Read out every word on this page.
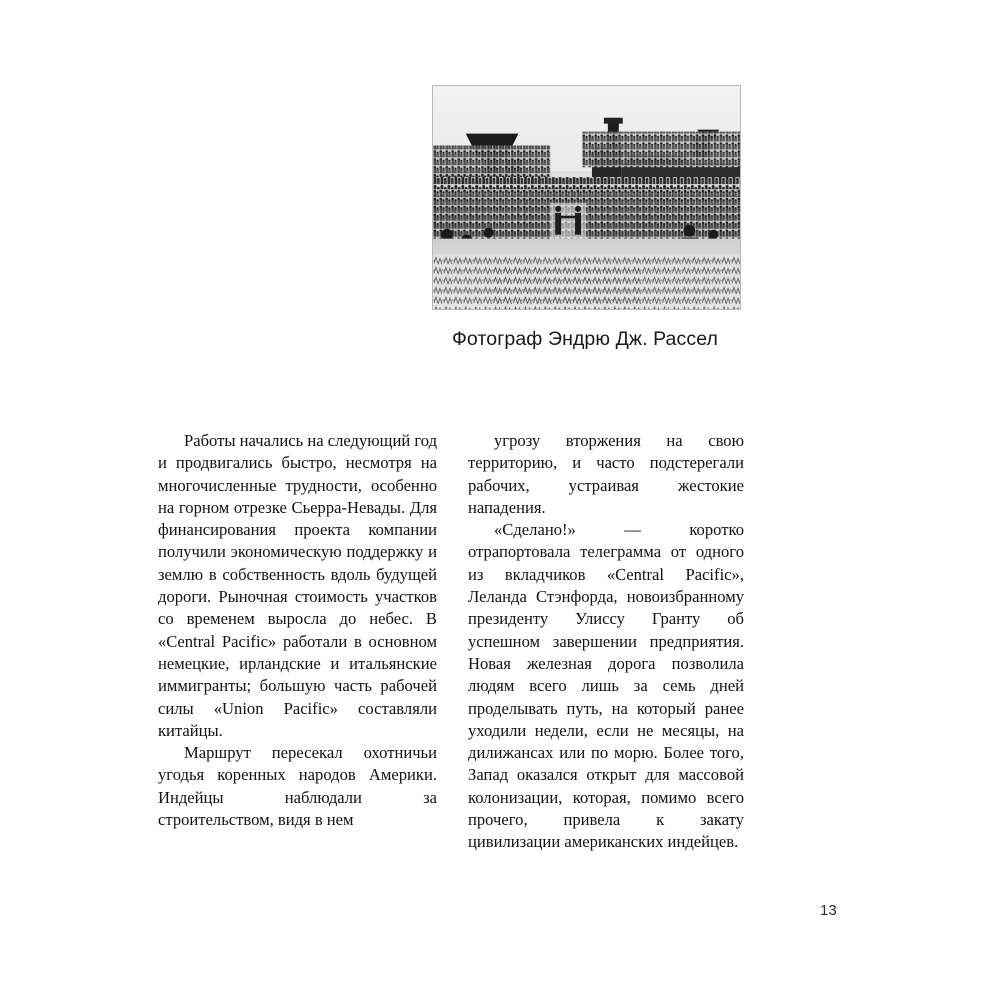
Фотограф Эндрю Дж. Рассел

Работы начались на следующий год и продвигались быстро, несмотря на многочисленные трудности, особенно на горном отрезке Сьерра-Невады. Для финансирования проекта компании получили экономическую поддержку и землю в собственность вдоль будущей дороги. Рыночная стоимость участков со временем выросла до небес. В «Central Pacific» работали в основном немецкие, ирландские и итальянские иммигранты; большую часть рабочей силы «Union Pacific» составляли китайцы.

Маршрут пересекал охотничьи угодья коренных народов Америки. Индейцы наблюдали за строительством, видя в нем

угрозу вторжения на свою территорию, и часто подстерегали рабочих, устраивая жестокие нападения.

«Сделано!» — коротко отрапортовала телеграмма от одного из вкладчиков «Central Pacific», Леланда Стэнфорда, новоизбранному президенту Улиссу Гранту об успешном завершении предприятия. Новая железная дорога позволила людям всего лишь за семь дней проделывать путь, на который ранее уходили недели, если не месяцы, на дилижансах или по морю. Более того, Запад оказался открыт для массовой колонизации, которая, помимо всего прочего, привела к закату цивилизации американских индейцев.

13
